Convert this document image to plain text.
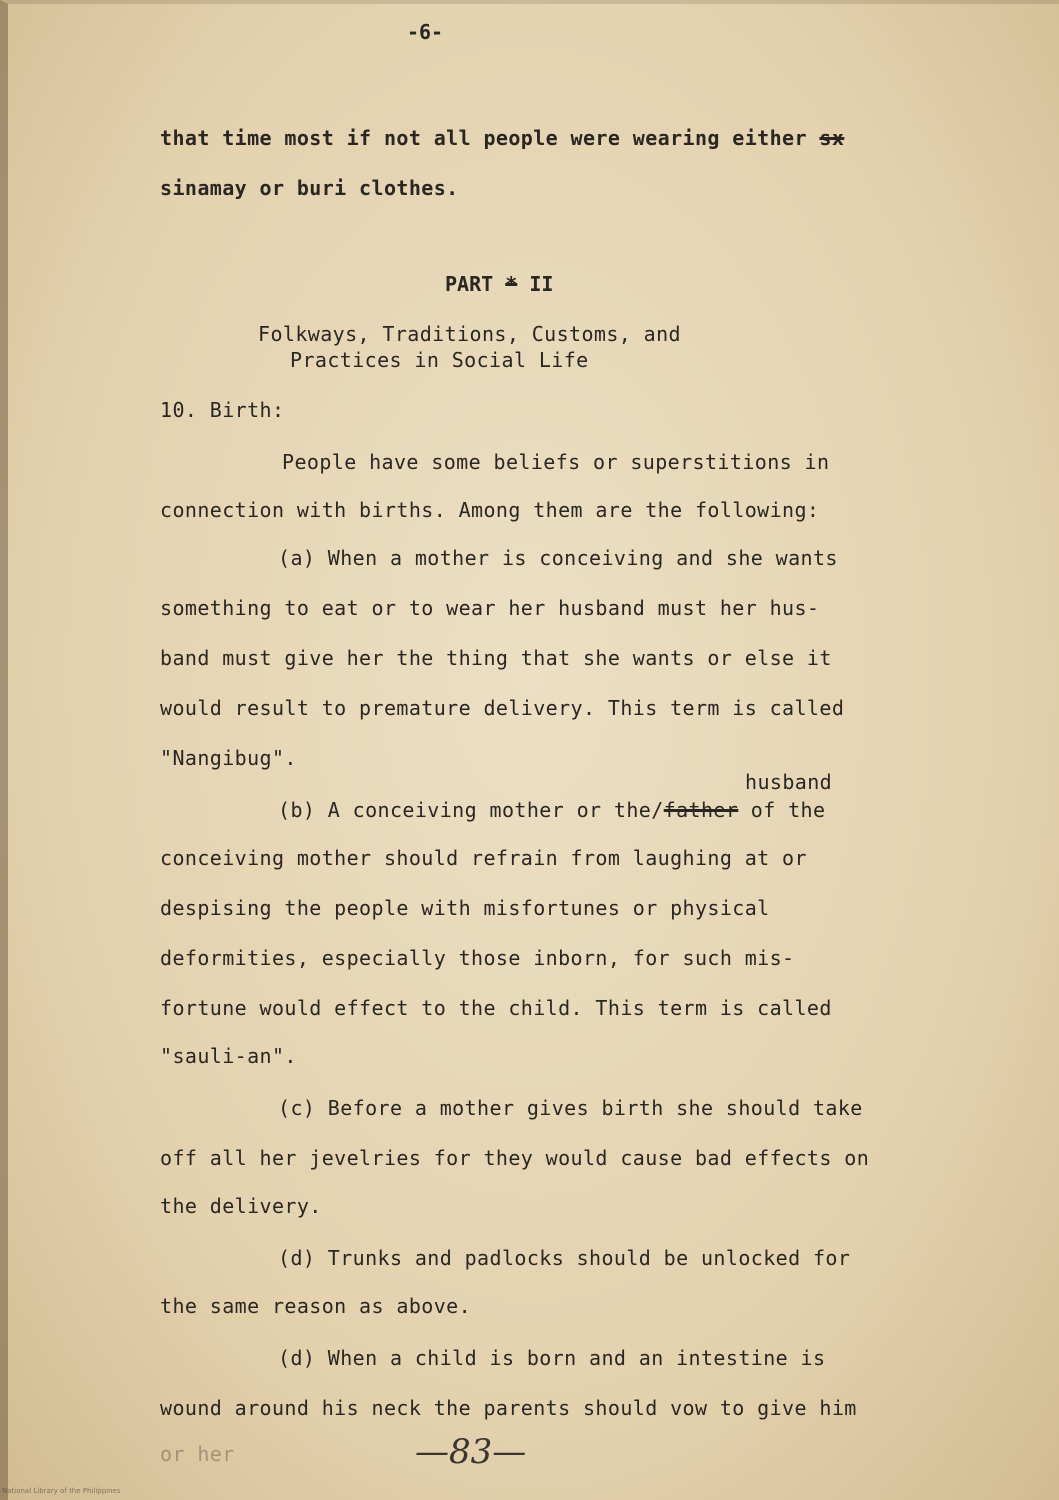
-6-
that time most if not all people were wearing either sx
sinamay or buri clothes.
PART * II
Folkways, Traditions, Customs, and
Practices in Social Life
10. Birth:
People have some beliefs or superstitions in
connection with births. Among them are the following:
(a) When a mother is conceiving and she wants
something to eat or to wear her husband must her hus-
band must give her the thing that she wants or else it
would result to premature delivery. This term is called
"Nangibug".
husband
(b) A conceiving mother or the/father of the
conceiving mother should refrain from laughing at or
despising the people with misfortunes or physical
deformities, especially those inborn, for such mis-
fortune would effect to the child. This term is called
"sauli-an".
(c) Before a mother gives birth she should take
off all her jevelries for they would cause bad effects on
the delivery.
(d) Trunks and padlocks should be unlocked for
the same reason as above.
(d) When a child is born and an intestine is
wound around his neck the parents should vow to give him
or her	—83—
National Library of the Philippines
